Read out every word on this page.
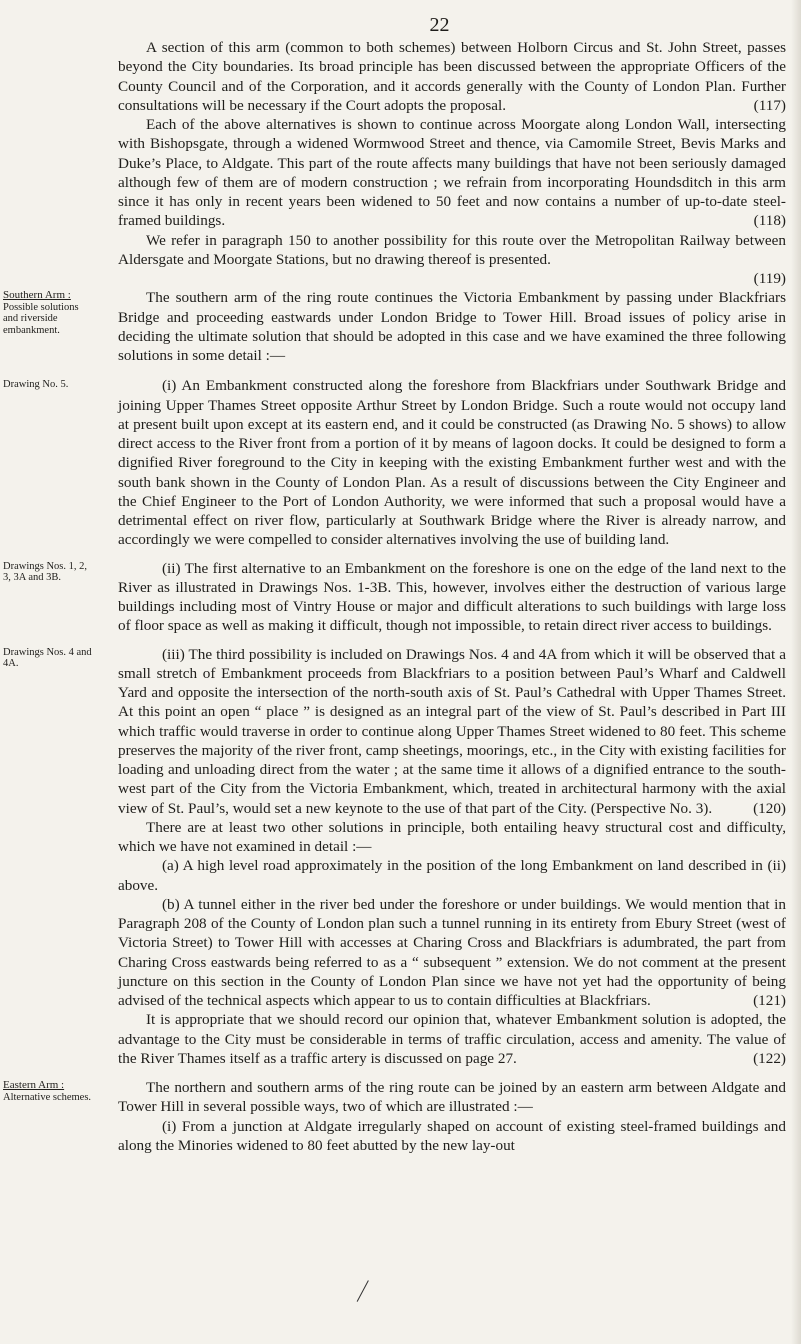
22

A section of this arm (common to both schemes) between Holborn Circus and St. John Street, passes beyond the City boundaries. Its broad principle has been discussed between the appropriate Officers of the County Council and of the Corporation, and it accords generally with the County of London Plan. Further consultations will be necessary if the Court adopts the proposal.	(117)

Each of the above alternatives is shown to continue across Moorgate along London Wall, intersecting with Bishopsgate, through a widened Wormwood Street and thence, via Camomile Street, Bevis Marks and Duke’s Place, to Aldgate. This part of the route affects many buildings that have not been seriously damaged although few of them are of modern construction ; we refrain from incorporating Houndsditch in this arm since it has only in recent years been widened to 50 feet and now contains a number of up-to-date steel-framed buildings.	(118)

We refer in paragraph 150 to another possibility for this route over the Metropolitan Railway between Aldersgate and Moorgate Stations, but no drawing thereof is presented.
(119)

Southern Arm :
Possible solutions and riverside embankment.

The southern arm of the ring route continues the Victoria Embankment by passing under Blackfriars Bridge and proceeding eastwards under London Bridge to Tower Hill. Broad issues of policy arise in deciding the ultimate solution that should be adopted in this case and we have examined the three following solutions in some detail :—

Drawing No. 5.	(i) An Embankment constructed along the foreshore from Blackfriars under Southwark Bridge and joining Upper Thames Street opposite Arthur Street by London Bridge. Such a route would not occupy land at present built upon except at its eastern end, and it could be constructed (as Drawing No. 5 shows) to allow direct access to the River front from a portion of it by means of lagoon docks. It could be designed to form a dignified River foreground to the City in keeping with the existing Embankment further west and with the south bank shown in the County of London Plan. As a result of discussions between the City Engineer and the Chief Engineer to the Port of London Authority, we were informed that such a proposal would have a detrimental effect on river flow, particularly at Southwark Bridge where the River is already narrow, and accordingly we were compelled to consider alternatives involving the use of building land.

Drawings Nos. 1, 2, 3, 3A and 3B.

(ii) The first alternative to an Embankment on the foreshore is one on the edge of the land next to the River as illustrated in Drawings Nos. 1-3B. This, however, involves either the destruction of various large buildings including most of Vintry House or major and difficult alterations to such buildings with large loss of floor space as well as making it difficult, though not impossible, to retain direct river access to buildings.

Drawings Nos. 4 and 4A.

(iii) The third possibility is included on Drawings Nos. 4 and 4A from which it will be observed that a small stretch of Embankment proceeds from Blackfriars to a position between Paul’s Wharf and Caldwell Yard and opposite the intersection of the north-south axis of St. Paul’s Cathedral with Upper Thames Street. At this point an open “ place ” is designed as an integral part of the view of St. Paul’s described in Part III which traffic would traverse in order to continue along Upper Thames Street widened to 80 feet. This scheme preserves the majority of the river front, camp sheetings, moorings, etc., in the City with existing facilities for loading and unloading direct from the water ; at the same time it allows of a dignified entrance to the south-west part of the City from the Victoria Embankment, which, treated in architectural harmony with the axial view of St. Paul’s, would set a new keynote to the use of that part of the City. (Perspective No. 3).	(120)

There are at least two other solutions in principle, both entailing heavy structural cost and difficulty, which we have not examined in detail :—

(a) A high level road approximately in the position of the long Embankment on land described in (ii) above.

(b) A tunnel either in the river bed under the foreshore or under buildings. We would mention that in Paragraph 208 of the County of London plan such a tunnel running in its entirety from Ebury Street (west of Victoria Street) to Tower Hill with accesses at Charing Cross and Blackfriars is adumbrated, the part from Charing Cross eastwards being referred to as a “ subsequent ” extension. We do not comment at the present juncture on this section in the County of London Plan since we have not yet had the opportunity of being advised of the technical aspects which appear to us to contain difficulties at Blackfriars.	(121)

It is appropriate that we should record our opinion that, whatever Embankment solution is adopted, the advantage to the City must be considerable in terms of traffic circulation, access and amenity. The value of the River Thames itself as a traffic artery is discussed on page 27.	(122)

Eastern Arm :
Alternative schemes.

The northern and southern arms of the ring route can be joined by an eastern arm between Aldgate and Tower Hill in several possible ways, two of which are illustrated :—

(i) From a junction at Aldgate irregularly shaped on account of existing steel-framed buildings and along the Minories widened to 80 feet abutted by the new lay-out
